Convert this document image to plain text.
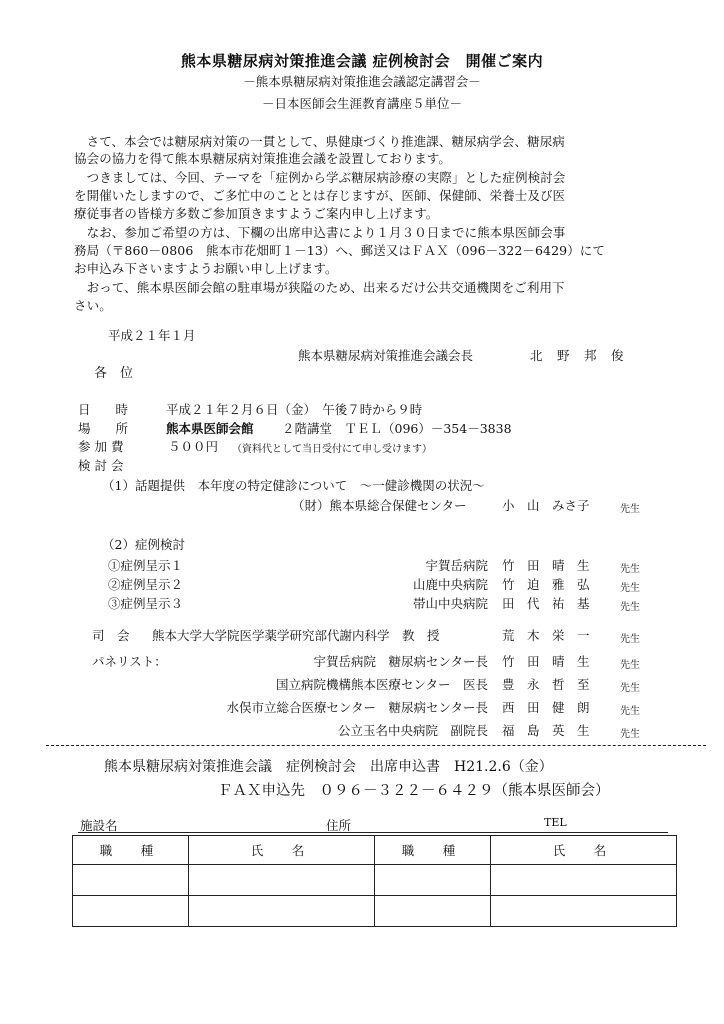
熊本県糖尿病対策推進会議 症例検討会　開催ご案内
－熊本県糖尿病対策推進会議認定講習会－
－日本医師会生涯教育講座５単位－
　さて、本会では糖尿病対策の一貫として、県健康づくり推進課、糖尿病学会、糖尿病
協会の協力を得て熊本県糖尿病対策推進会議を設置しております。
　つきましては、今回、テーマを「症例から学ぶ糖尿病診療の実際」とした症例検討会
を開催いたしますので、ご多忙中のこととは存じますが、医師、保健師、栄養士及び医
療従事者の皆様方多数ご参加頂きますようご案内申し上げます。
　なお、参加ご希望の方は、下欄の出席申込書により１月３０日までに熊本県医師会事
務局（〒860－0806　熊本市花畑町１－13）へ、郵送又はＦＡＸ（096－322－6429）にて
お申込み下さいますようお願い申し上げます。
　おって、熊本県医師会館の駐車場が狭隘のため、出来るだけ公共交通機関をご利用下
さい。
平成２１年１月
熊本県糖尿病対策推進会議会長	北　野　邦　俊
各　位
日　　時	平成２１年２月６日（金）　午後７時から９時
場　　所	熊本県医師会館 ２階講堂　ＴＥＬ（096）－354－3838
参 加 費	５００円 （資料代として当日受付にて申し受けます）
検 討 会
（1）話題提供　本年度の特定健診について　～一健診機関の状況～
（財）熊本県総合保健センター	小　山　みさ子	先生
（2）症例検討
①症例呈示１	宇賀岳病院 竹　田　晴　生	先生
②症例呈示２	山鹿中央病院 竹　迫　雅　弘	先生
③症例呈示３	帯山中央病院 田　代　祐　基	先生
司　会 熊本大学大学院医学薬学研究部代謝内科学　教　授	荒　木　栄　一	先生
パネリスト：	宇賀岳病院　糖尿病センター長 竹　田　晴　生	先生
国立病院機構熊本医療センター　医長 豊　永　哲　至	先生
水俣市立総合医療センター　糖尿病センター長 西　田　健　朗	先生
公立玉名中央病院　副院長 福　島　英　生	先生
熊本県糖尿病対策推進会議　症例検討会　出席申込書　H21.2.6（金）
ＦＡＸ申込先　０９６－３２２－６４２９（熊本県医師会）
施設名	住所	TEL
職　種	氏　名	職　種	氏　名
